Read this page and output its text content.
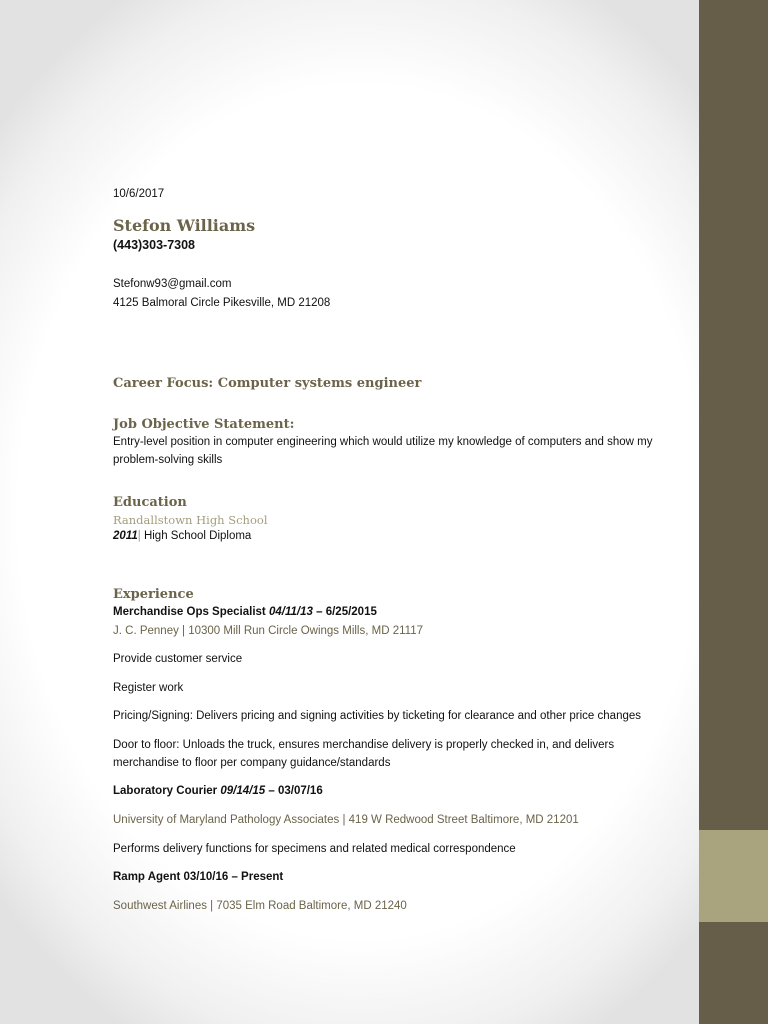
10/6/2017
Stefon Williams
(443)303-7308
Stefonw93@gmail.com
4125 Balmoral Circle Pikesville, MD 21208
Career Focus: Computer systems engineer
Job Objective Statement:
Entry-level position in computer engineering which would utilize my knowledge of computers and show my problem-solving skills
Education
Randallstown High School
2011| High School Diploma
Experience
Merchandise Ops Specialist 04/11/13 – 6/25/2015
J. C. Penney | 10300 Mill Run Circle Owings Mills, MD 21117
Provide customer service
Register work
Pricing/Signing: Delivers pricing and signing activities by ticketing for clearance and other price changes
Door to floor: Unloads the truck, ensures merchandise delivery is properly checked in, and delivers merchandise to floor per company guidance/standards
Laboratory Courier 09/14/15 – 03/07/16
University of Maryland Pathology Associates | 419 W Redwood Street Baltimore, MD 21201
Performs delivery functions for specimens and related medical correspondence
Ramp Agent 03/10/16 – Present
Southwest Airlines | 7035 Elm Road Baltimore, MD 21240
